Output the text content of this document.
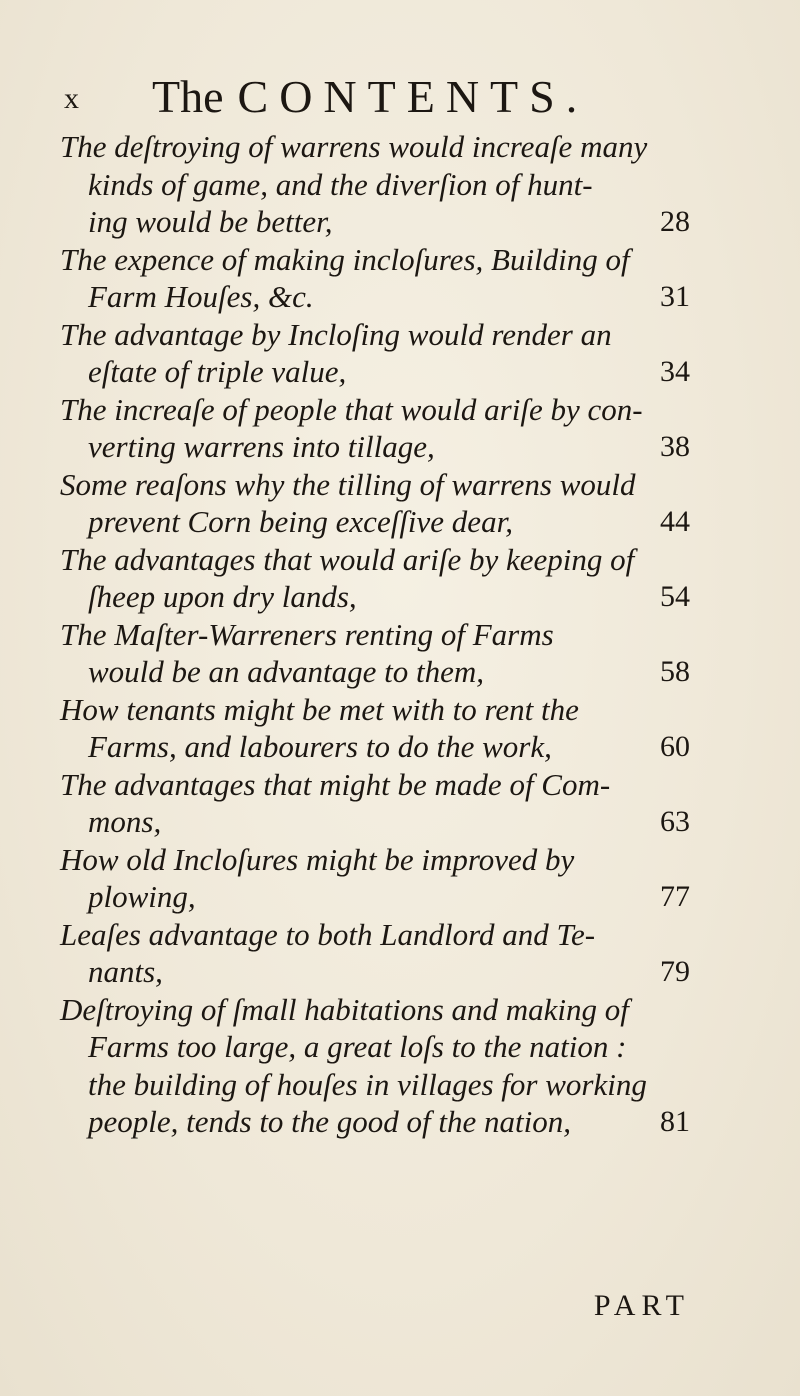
x The CONTENTS.
The deſtroying of warrens would increaſe many
kinds of game, and the diverſion of hunt-
ing would be better,	28
The expence of making incloſures, Building of
Farm Houſes, &c.	31
The advantage by Incloſing would render an
eſtate of triple value,	34
The increaſe of people that would ariſe by con-
verting warrens into tillage,	38
Some reaſons why the tilling of warrens would
prevent Corn being exceſſive dear,	44
The advantages that would ariſe by keeping of
ſheep upon dry lands,	54
The Maſter-Warreners renting of Farms
would be an advantage to them,	58
How tenants might be met with to rent the
Farms, and labourers to do the work,	60
The advantages that might be made of Com-
mons,	63
How old Incloſures might be improved by
plowing,	77
Leaſes advantage to both Landlord and Te-
nants,	79
Deſtroying of ſmall habitations and making of
Farms too large, a great loſs to the nation :
the building of houſes in villages for working
people, tends to the good of the nation,	81
PART
